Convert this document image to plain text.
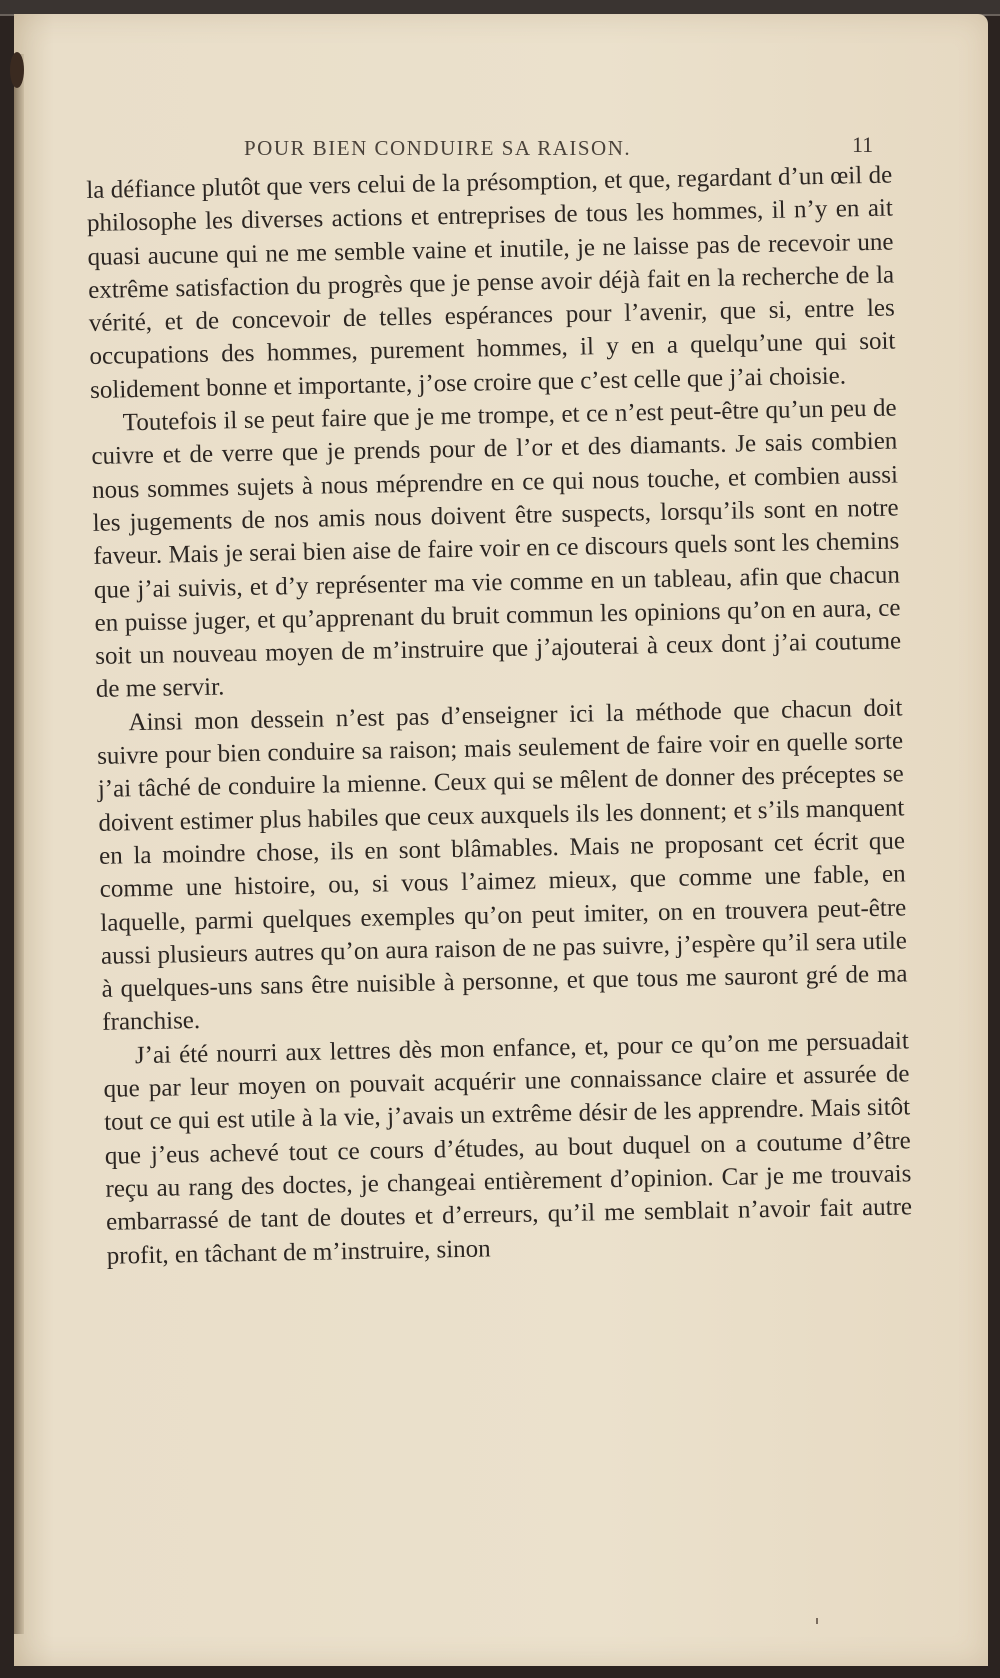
POUR BIEN CONDUIRE SA RAISON.	11

la défiance plutôt que vers celui de la présomption, et que, regardant d’un œil de philosophe les diverses actions et entreprises de tous les hommes, il n’y en ait quasi aucune qui ne me semble vaine et inutile, je ne laisse pas de recevoir une extrême satisfaction du progrès que je pense avoir déjà fait en la recherche de la vérité, et de concevoir de telles espérances pour l’avenir, que si, entre les occupations des hommes, purement hommes, il y en a quelqu’une qui soit solidement bonne et importante, j’ose croire que c’est celle que j’ai choisie.

Toutefois il se peut faire que je me trompe, et ce n’est peut-être qu’un peu de cuivre et de verre que je prends pour de l’or et des diamants. Je sais combien nous sommes sujets à nous méprendre en ce qui nous touche, et combien aussi les jugements de nos amis nous doivent être suspects, lorsqu’ils sont en notre faveur. Mais je serai bien aise de faire voir en ce discours quels sont les chemins que j’ai suivis, et d’y représenter ma vie comme en un tableau, afin que chacun en puisse juger, et qu’apprenant du bruit commun les opinions qu’on en aura, ce soit un nouveau moyen de m’instruire que j’ajouterai à ceux dont j’ai coutume de me servir.

Ainsi mon dessein n’est pas d’enseigner ici la méthode que chacun doit suivre pour bien conduire sa raison; mais seulement de faire voir en quelle sorte j’ai tâché de conduire la mienne. Ceux qui se mêlent de donner des préceptes se doivent estimer plus habiles que ceux auxquels ils les donnent; et s’ils manquent en la moindre chose, ils en sont blâmables. Mais ne proposant cet écrit que comme une histoire, ou, si vous l’aimez mieux, que comme une fable, en laquelle, parmi quelques exemples qu’on peut imiter, on en trouvera peut-être aussi plusieurs autres qu’on aura raison de ne pas suivre, j’espère qu’il sera utile à quelques-uns sans être nuisible à personne, et que tous me sauront gré de ma franchise.

J’ai été nourri aux lettres dès mon enfance, et, pour ce qu’on me persuadait que par leur moyen on pouvait acquérir une connaissance claire et assurée de tout ce qui est utile à la vie, j’avais un extrême désir de les apprendre. Mais sitôt que j’eus achevé tout ce cours d’études, au bout duquel on a coutume d’être reçu au rang des doctes, je changeai entièrement d’opinion. Car je me trouvais embarrassé de tant de doutes et d’erreurs, qu’il me semblait n’avoir fait autre profit, en tâchant de m’instruire, sinon
